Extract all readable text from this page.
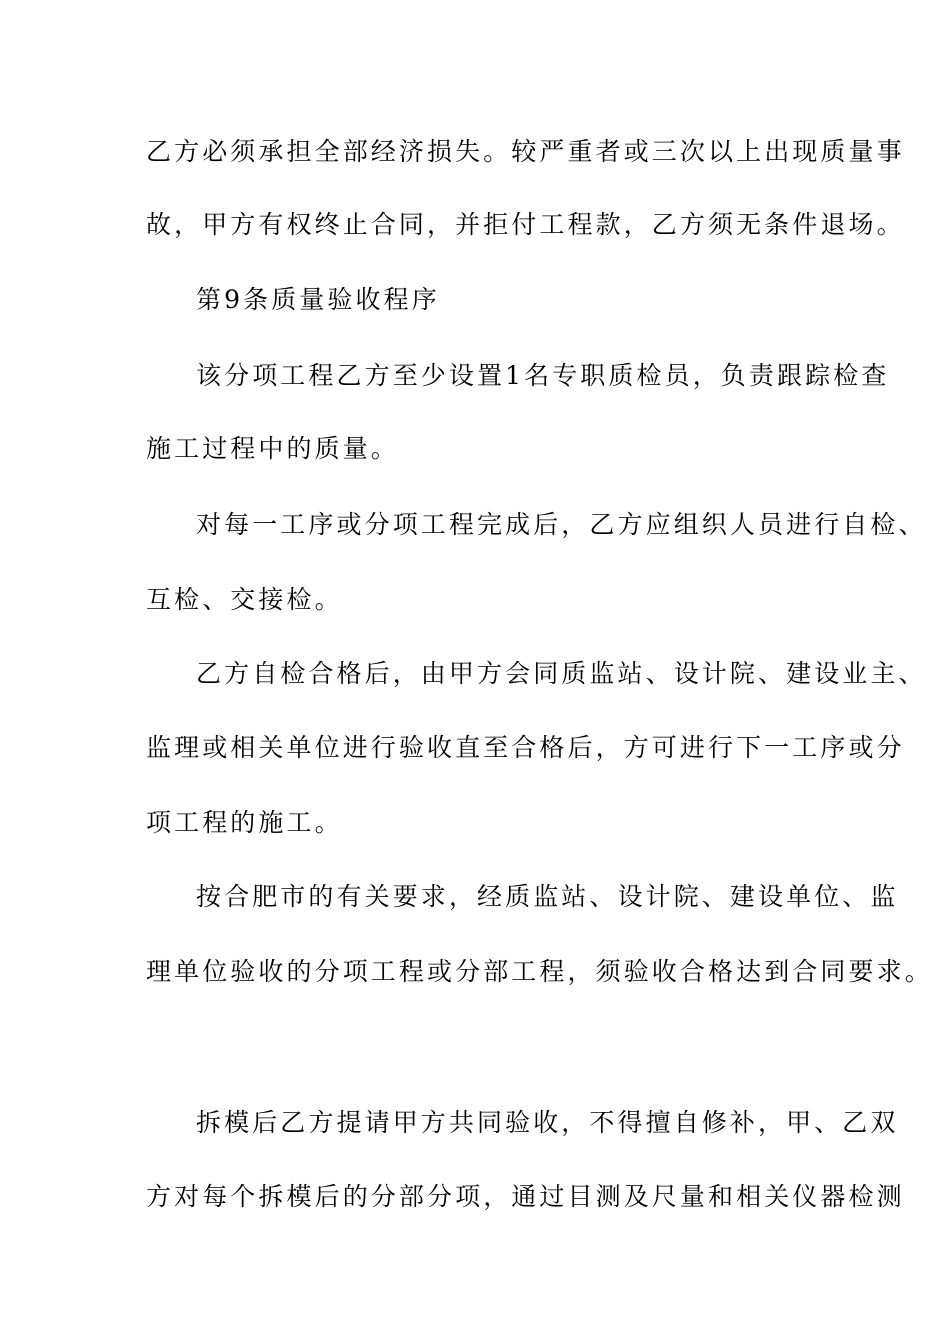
乙方必须承担全部经济损失。较严重者或三次以上出现质量事
故，甲方有权终止合同，并拒付工程款，乙方须无条件退场。
第9条质量验收程序
该分项工程乙方至少设置1名专职质检员，负责跟踪检查
施工过程中的质量。
对每一工序或分项工程完成后，乙方应组织人员进行自检、
互检、交接检。
乙方自检合格后，由甲方会同质监站、设计院、建设业主、
监理或相关单位进行验收直至合格后，方可进行下一工序或分
项工程的施工。
按合肥市的有关要求，经质监站、设计院、建设单位、监
理单位验收的分项工程或分部工程，须验收合格达到合同要求。
拆模后乙方提请甲方共同验收，不得擅自修补，甲、乙双
方对每个拆模后的分部分项，通过目测及尺量和相关仪器检测
